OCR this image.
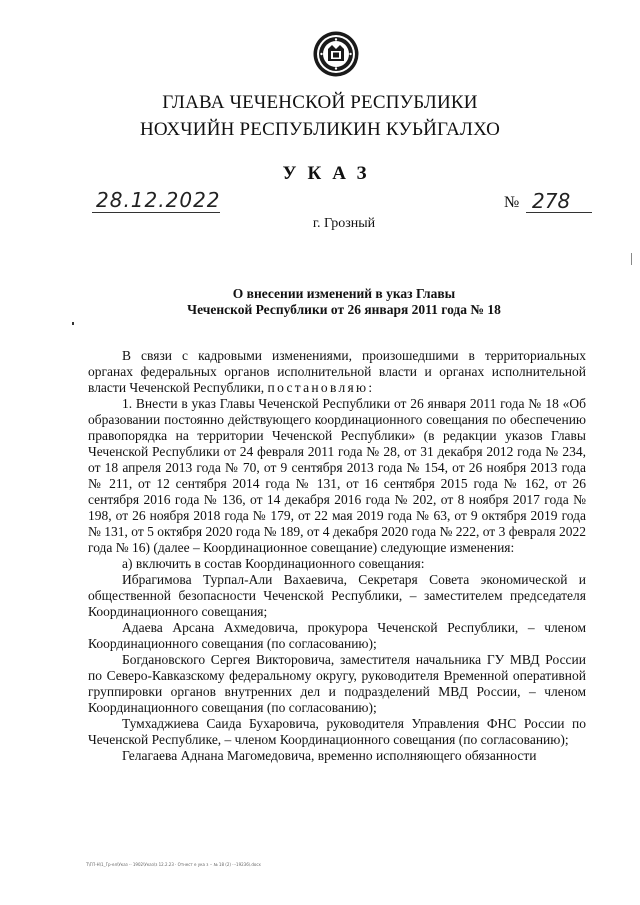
ГЛАВА ЧЕЧЕНСКОЙ РЕСПУБЛИКИ
НОХЧИЙН РЕСПУБЛИКИН КУЬЙГАЛХО
УКАЗ
28.12.2022	№ 278
г. Грозный
О внесении изменений в указ Главы
Чеченской Республики от 26 января 2011 года № 18

В связи с кадровыми изменениями, произошедшими в территориальных органах федеральных органов исполнительной власти и органах исполнительной власти Чеченской Республики, постановляю:

1. Внести в указ Главы Чеченской Республики от 26 января 2011 года № 18 «Об образовании постоянно действующего координационного совещания по обеспечению правопорядка на территории Чеченской Республики» (в редакции указов Главы Чеченской Республики от 24 февраля 2011 года № 28, от 31 декабря 2012 года № 234, от 18 апреля 2013 года № 70, от 9 сентября 2013 года № 154, от 26 ноября 2013 года № 211, от 12 сентября 2014 года № 131, от 16 сентября 2015 года № 162, от 26 сентября 2016 года № 136, от 14 декабря 2016 года № 202, от 8 ноября 2017 года № 198, от 26 ноября 2018 года № 179, от 22 мая 2019 года № 63, от 9 октября 2019 года № 131, от 5 октября 2020 года № 189, от 4 декабря 2020 года № 222, от 3 февраля 2022 года № 16) (далее – Координационное совещание) следующие изменения:

а) включить в состав Координационного совещания:

Ибрагимова Турпал-Али Вахаевича, Секретаря Совета экономической и общественной безопасности Чеченской Республики, – заместителем председателя Координационного совещания;

Адаева Арсана Ахмедовича, прокурора Чеченской Республики, – членом Координационного совещания (по согласованию);

Богдановского Сергея Викторовича, заместителя начальника ГУ МВД России по Северо-Кавказскому федеральному округу, руководителя Временной оперативной группировки органов внутренних дел и подразделений МВД России, – членом Координационного совещания (по согласованию);

Тумхаджиева Саида Бухаровича, руководителя Управления ФНС России по Чеченской Республике, – членом Координационного совещания (по согласованию);

Гелагаева Аднана Магомедовича, временно исполняющего обязанности

T\ГП-Н\1_Гр-ел\Указ ·· 1902\Указ\з 12.2.23 · Отнест е ука з ·· № 18 (2) ···19236\.docx
